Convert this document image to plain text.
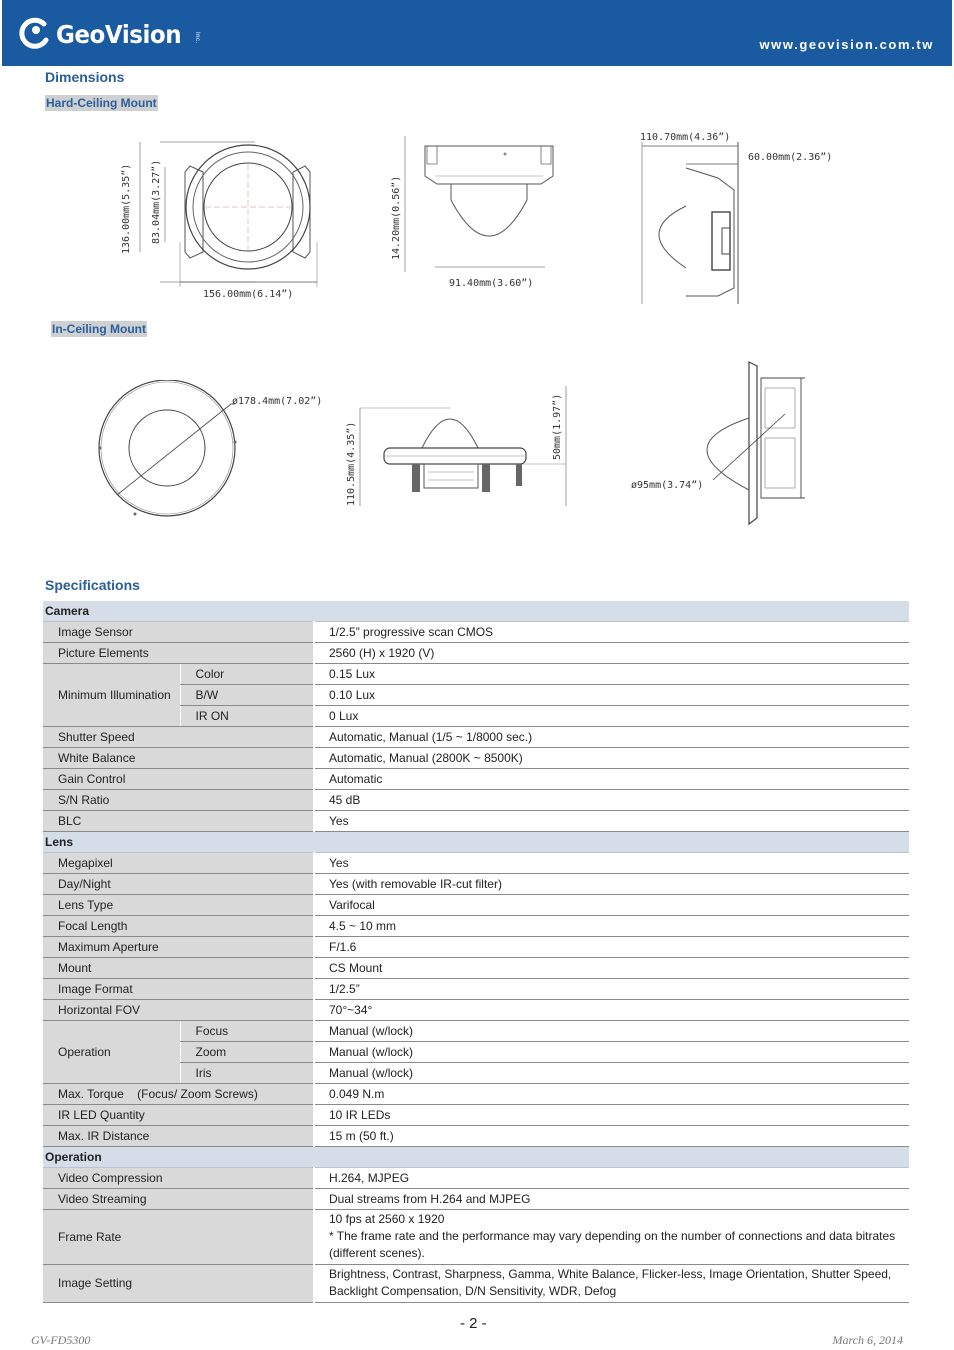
GeoVision Inc.	www.geovision.com.tw
Dimensions
Hard-Ceiling Mount
136.00mm(5.35”) 83.04mm(3.27”)
156.00mm(6.14”)
14.20mm(0.56”)
91.40mm(3.60”)
110.70mm(4.36”)
60.00mm(2.36”)
In-Ceiling Mount
ø178.4mm(7.02”)
110.5mm(4.35”)	50mm(1.97”)
ø95mm(3.74”)
Specifications
Camera		
Image Sensor		1/2.5” progressive scan CMOS
Picture Elements		2560 (H) x 1920 (V)
Minimum Illumination	Color	0.15 Lux
	B/W	0.10 Lux
	IR ON	0 Lux
Shutter Speed		Automatic, Manual (1/5 ~ 1/8000 sec.)
White Balance		Automatic, Manual (2800K ~ 8500K)
Gain Control		Automatic
S/N Ratio		45 dB
BLC		Yes
Lens		
Megapixel		Yes
Day/Night		Yes (with removable IR-cut filter)
Lens Type		Varifocal
Focal Length		4.5 ~ 10 mm
Maximum Aperture		F/1.6
Mount		CS Mount
Image Format		1/2.5”
Horizontal FOV		70°~34°
Operation	Focus	Manual (w/lock)
	Zoom	Manual (w/lock)
	Iris	Manual (w/lock)
Max. Torque    (Focus/ Zoom Screws)		0.049 N.m
IR LED Quantity		10 IR LEDs
Max. IR Distance		15 m (50 ft.)
Operation		
Video Compression		H.264, MJPEG
Video Streaming		Dual streams from H.264 and MJPEG
Frame Rate		10 fps at 2560 x 1920
* The frame rate and the performance may vary depending on the number of connections and data bitrates (different scenes).

Image Setting		Brightness, Contrast, Sharpness, Gamma, White Balance, Flicker-less, Image Orientation, Shutter Speed, Backlight Compensation, D/N Sensitivity, WDR, Defog
- 2 -
GV-FD5300	March 6, 2014
